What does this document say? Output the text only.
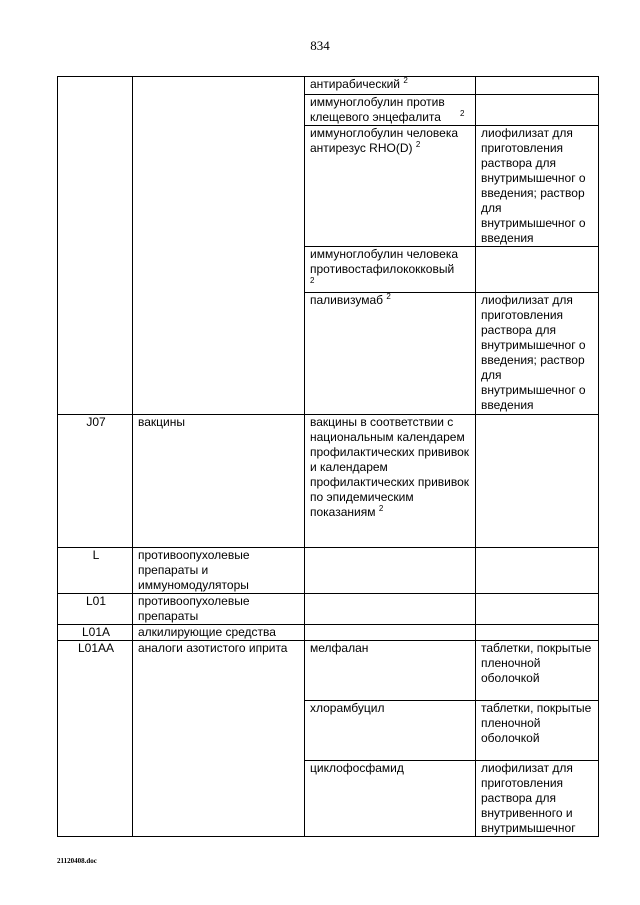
834
		антирабический $^2$	
		иммуноглобулин против клещевого энцефалита $^2$	
		иммуноглобулин человека антирезус RHO(D) $^2$	лиофилизат для приготовления раствора для внутримышечног о введения; раствор для внутримышечног о введения
		иммуноглобулин человека противостафилококковый
$^2$	
		паливизумаб $^2$	лиофилизат для приготовления раствора для внутримышечног о введения; раствор для внутримышечног о введения
J07	вакцины	вакцины в соответствии с национальным календарем профилактических прививок и календарем профилактических прививок по эпидемическим показаниям $^2$	
L	противоопухолевые препараты и иммуномодуляторы		
L01	противоопухолевые препараты		
L01A	алкилирующие средства		
L01AA	аналоги азотистого иприта	мелфалан	таблетки, покрытые пленочной оболочкой
		хлорамбуцил	таблетки, покрытые пленочной оболочкой
		циклофосфамид	лиофилизат для приготовления раствора для внутривенного и внутримышечног
21120408.doc
